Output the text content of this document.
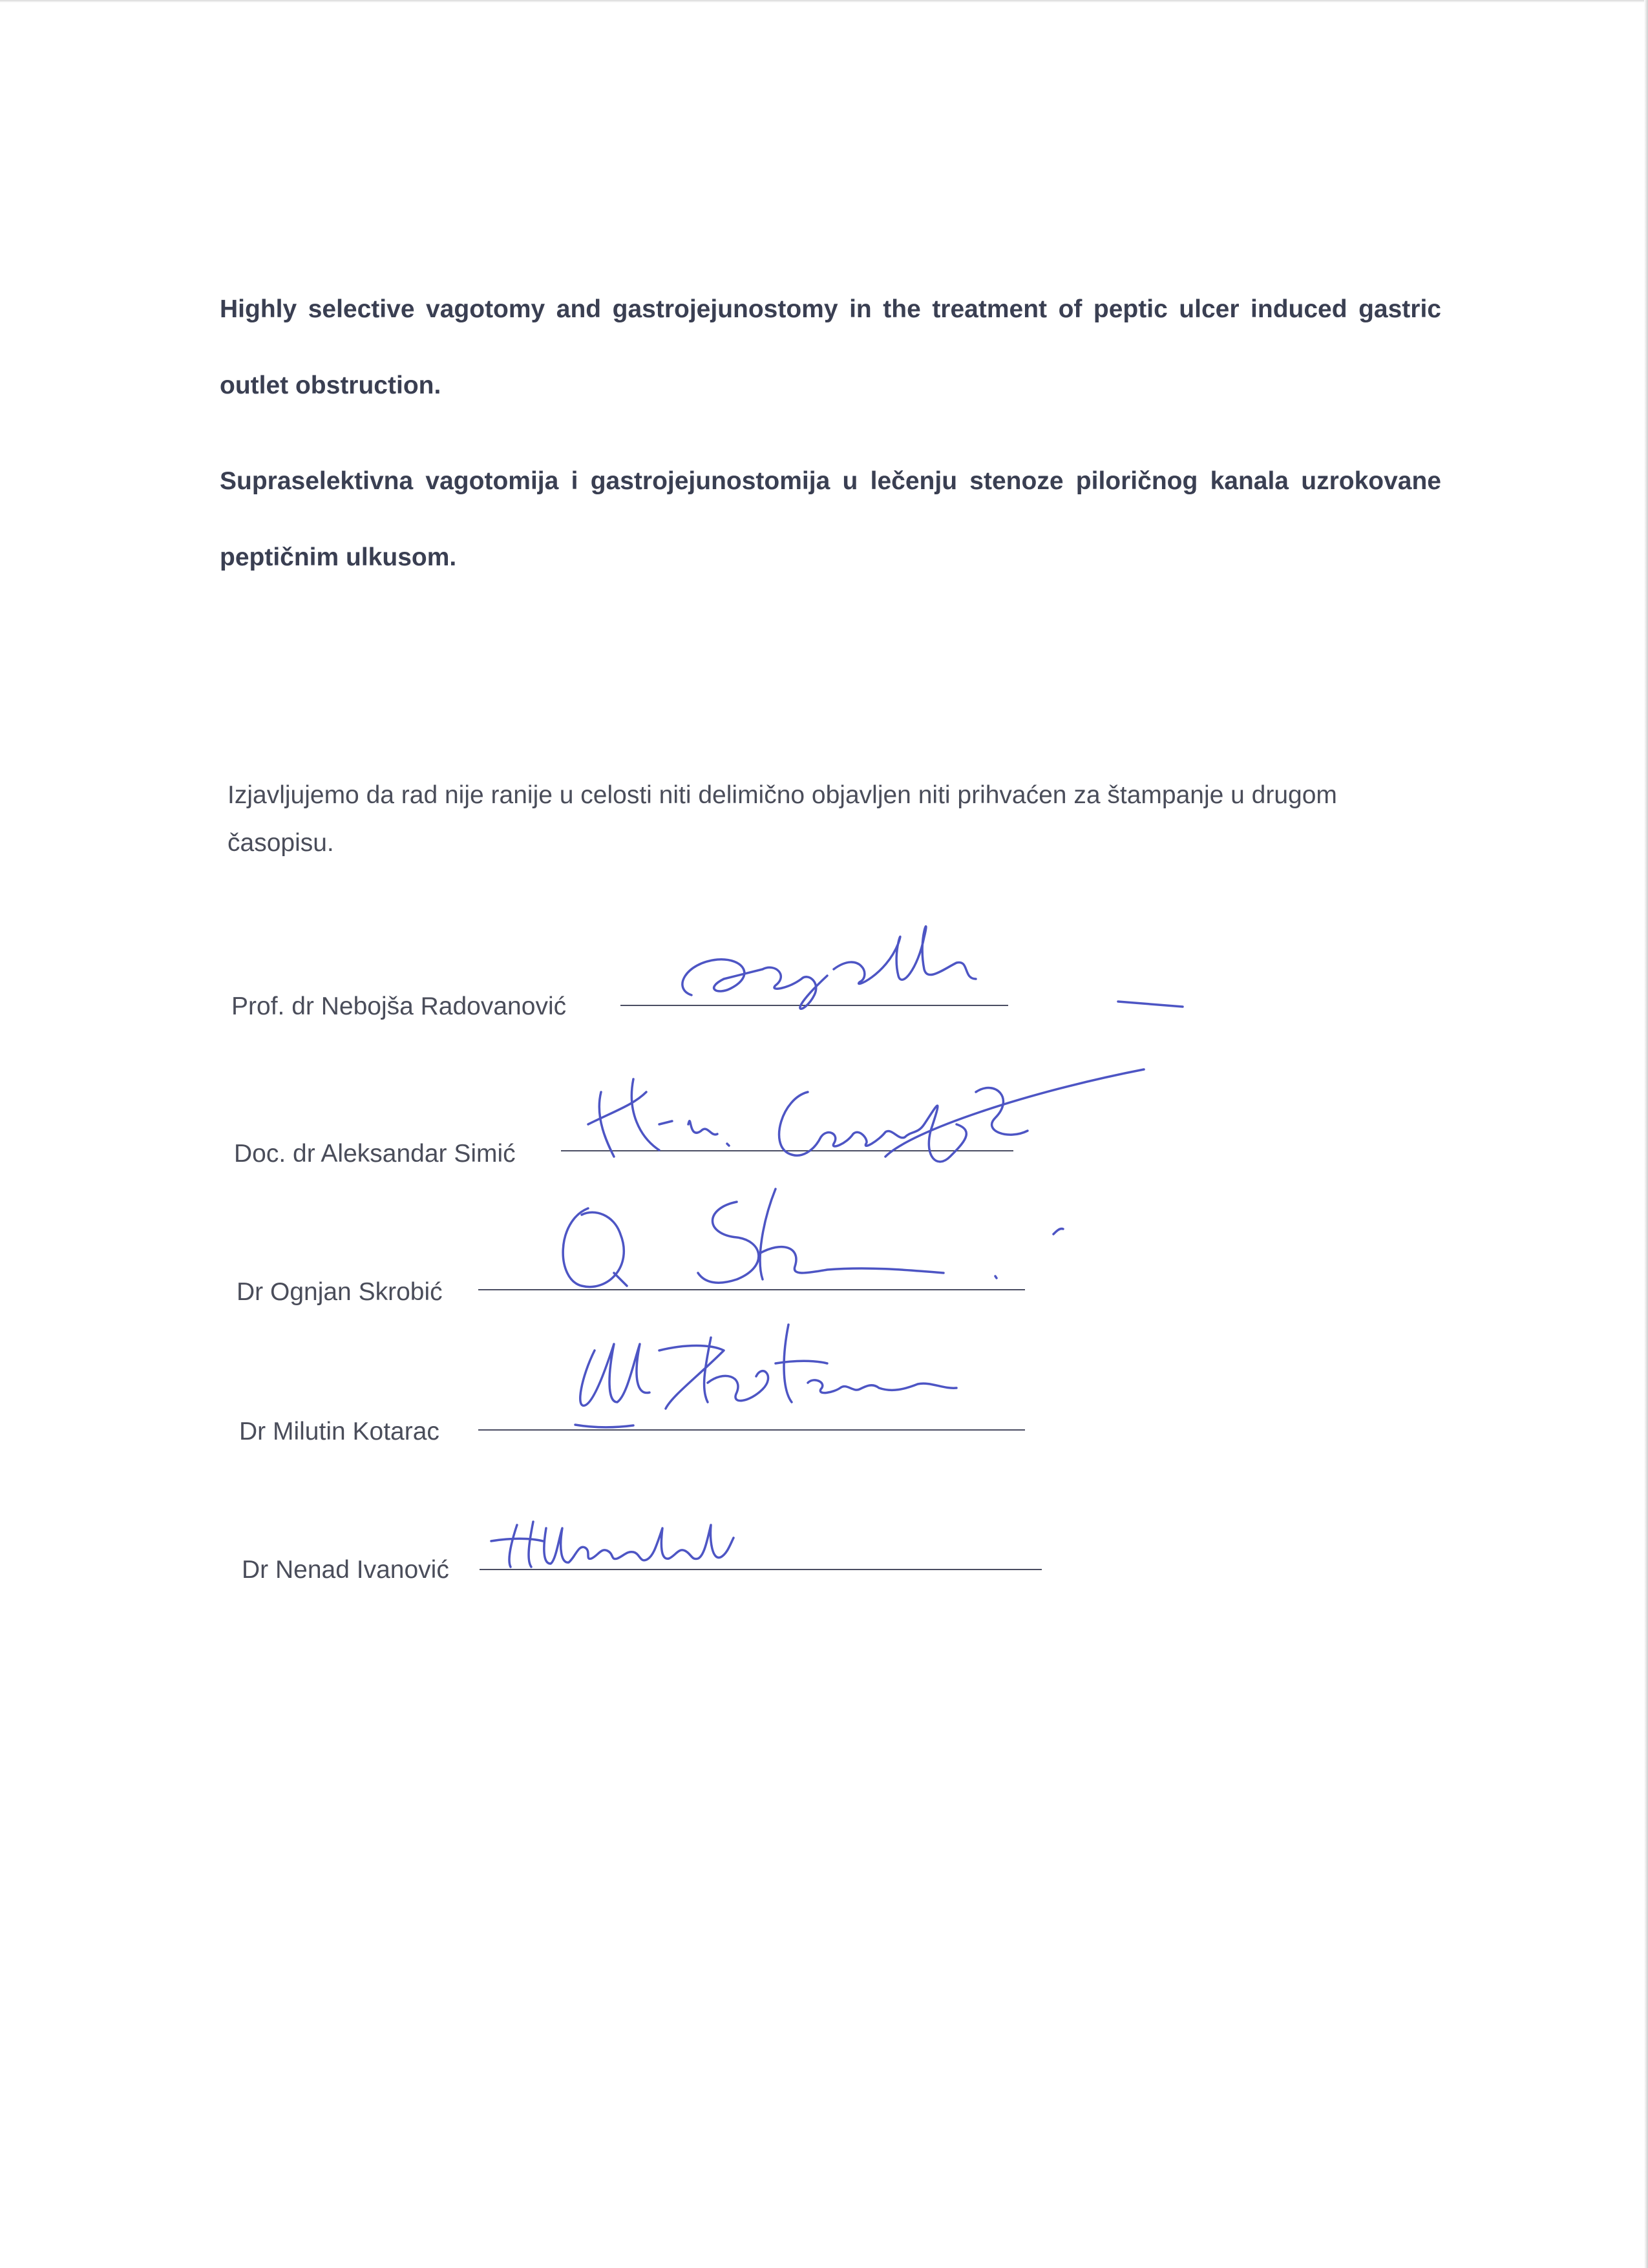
Highly selective vagotomy and gastrojejunostomy in the treatment of peptic ulcer induced gastric outlet obstruction.

Supraselektivna vagotomija i gastrojejunostomija u lečenju stenoze piloričnog kanala uzrokovane peptičnim ulkusom.

Izjavljujemo da rad nije ranije u celosti niti delimično objavljen niti prihvaćen za štampanje u drugom časopisu.

Prof. dr Nebojša Radovanović
Doc. dr Aleksandar Simić
Dr Ognjan Skrobić
Dr Milutin Kotarac
Dr Nenad Ivanović
